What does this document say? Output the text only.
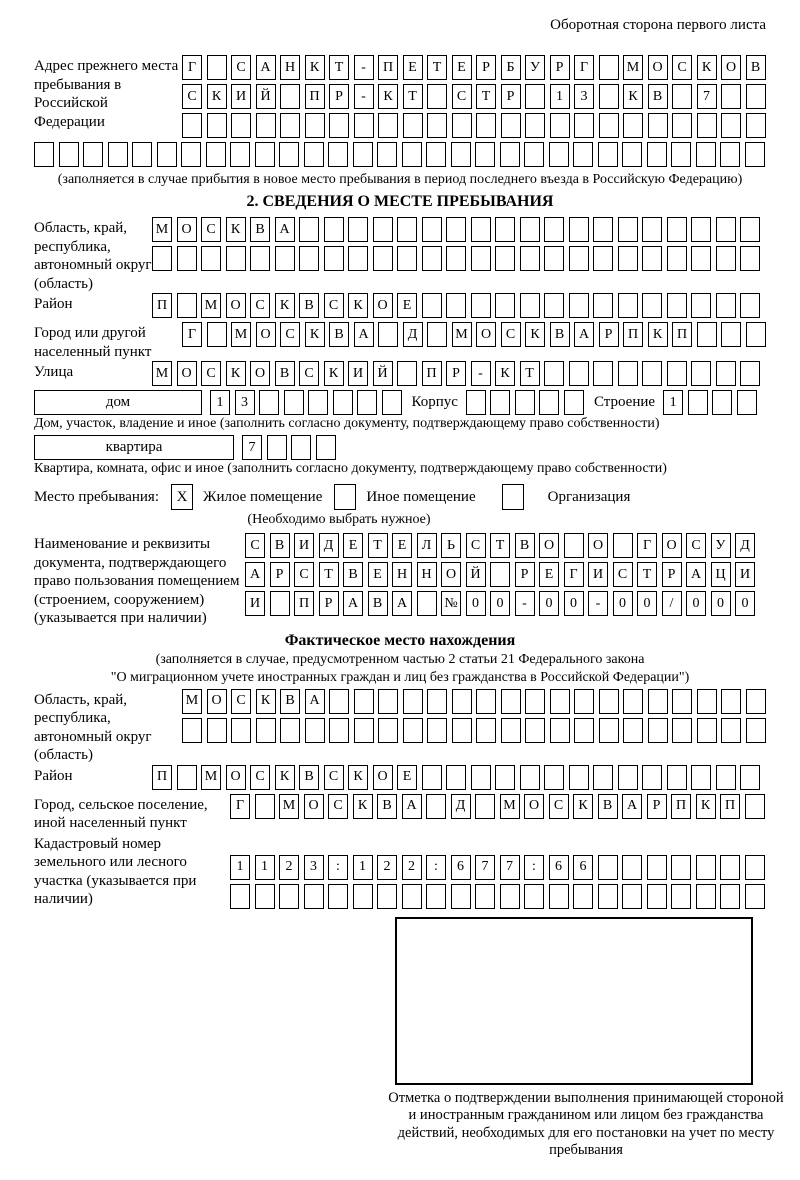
Оборотная сторона первого листа
Адрес прежнего места пребывания в Российской Федерации
Г	С	А	Н	К	Т	-	П	Е	Т	Е	Р	Б	У	Р	Г	М О	С	К	О	В
С	К	И	Й	П	Р	-	К	Т	С	Т	Р	1	3	К	В	7
(заполняется в случае прибытия в новое место пребывания в период последнего въезда в Российскую Федерацию)
2. СВЕДЕНИЯ О МЕСТЕ ПРЕБЫВАНИЯ
Область, край, республика, автономный округ (область)
М О	С	К	В	А
Район	П	М О	С	К	В	С	К	О	Е
Город или другой населенный пункт
Г	М О	С	К	В	А	Д	М О	С	К	В	А	Р	П	К	П
Улица	М О	С	К	О	В	С	К	И	Й	П	Р	-	К	Т
дом	1	3	Корпус	Строение	1
Дом, участок, владение и иное (заполнить согласно документу, подтверждающему право собственности)
квартира	7
Квартира, комната, офис и иное (заполнить согласно документу, подтверждающему право собственности)
Место пребывания:	X	Жилое помещение	Иное помещение	Организация
(Необходимо выбрать нужное)
Наименование и реквизиты документа, подтверждающего право пользования помещением (строением, сооружением) (указывается при наличии)
С	В	И	Д	Е	Т	Е	Л	Ь	С	Т	В	О	О	Г	О	С	У	Д
А	Р	С	Т	В	Е	Н	Н	О	Й	Р	Е	Г	И	С	Т	Р	А	Ц	И
И	П	Р	А	В	А	№	0	0	-	0	0	-	0	0	/	0	0	0
Фактическое место нахождения
(заполняется в случае, предусмотренном частью 2 статьи 21 Федерального закона
"О миграционном учете иностранных граждан и лиц без гражданства в Российской Федерации")
Область, край, республика, автономный округ (область)
М О	С	К	В	А
Район	П	М О	С	К	В	С	К	О	Е
Город, сельское поселение, иной населенный пункт
Г	М О	С	К	В	А	Д	М О	С	К	В	А	Р	П	К	П
Кадастровый номер земельного или лесного участка (указывается при наличии)
1	1	2	3	:	1	2	2	:	6	7	7	:	6	6
Отметка о подтверждении выполнения принимающей стороной и иностранным гражданином или лицом без гражданства действий, необходимых для его постановки на учет по месту пребывания
